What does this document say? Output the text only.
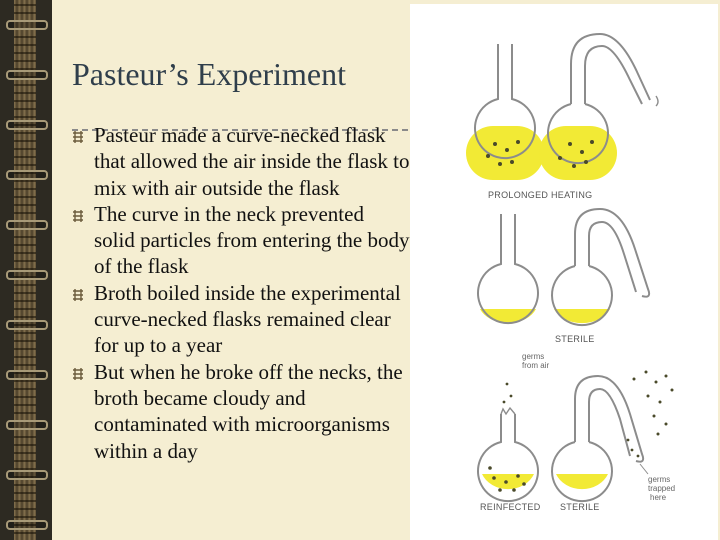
Pasteur’s Experiment
Pasteur made a curve-necked flask that allowed the air inside the flask to mix with air outside the flask
The curve in the neck prevented solid particles from entering the body of the flask
Broth boiled inside the experimental curve-necked flasks remained clear for up to a year
But when he broke off the necks, the broth became cloudy and contaminated with microorganisms within a day
PROLONGED HEATING
STERILE
germs
from air
germs
trapped
here
REINFECTED STERILE
